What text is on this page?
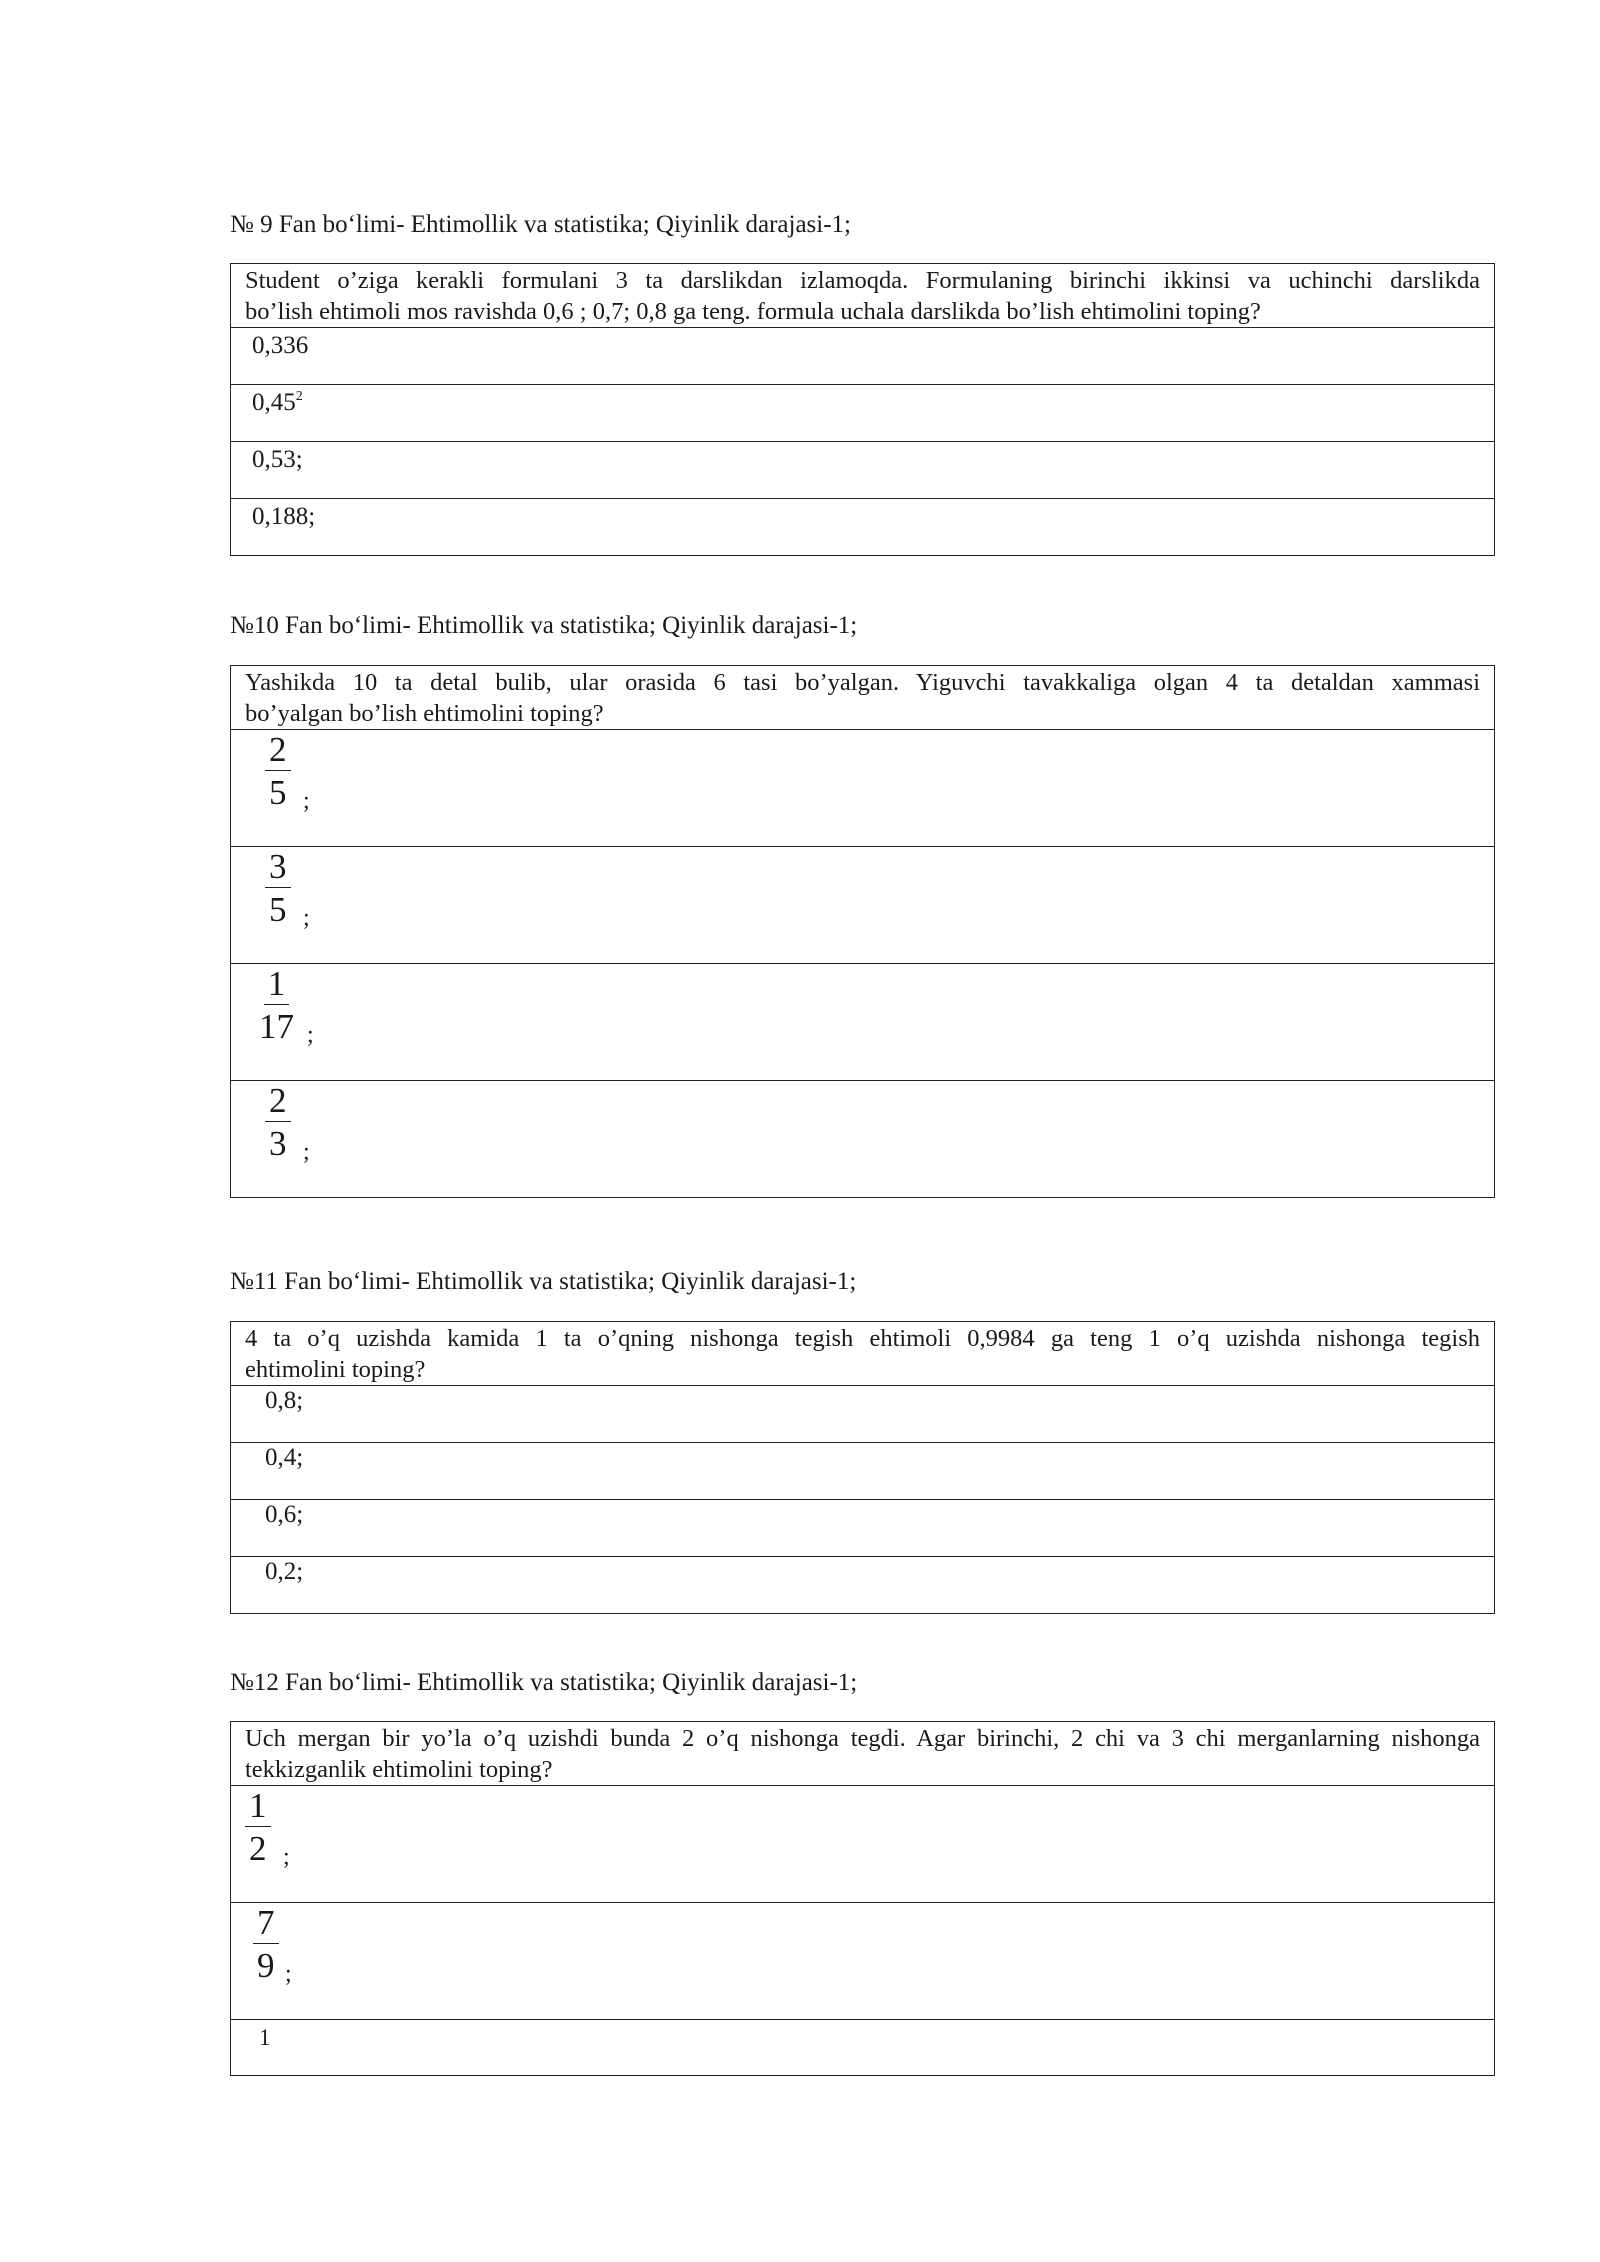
№ 9 Fan bo‘limi- Ehtimollik va statistika; Qiyinlik darajasi-1;
Student o’ziga kerakli formulani 3 ta darslikdan izlamoqda. Formulaning birinchi ikkinsi va uchinchi darslikda
bo’lish ehtimoli mos ravishda 0,6 ; 0,7; 0,8 ga teng. formula uchala darslikda bo’lish ehtimolini toping?
0,336
0,45$^2$
0,53;
0,188;
№10 Fan bo‘limi- Ehtimollik va statistika; Qiyinlik darajasi-1;
Yashikda 10 ta detal bulib, ular orasida 6 tasi bo’yalgan. Yiguvchi tavakkaliga olgan 4 ta detaldan xammasi
bo’yalgan bo’lish ehtimolini toping?
$\frac{2}{5}$ ;
$\frac{3}{5}$ ;
$\frac{1}{17}$ ;
$\frac{2}{3}$ ;
№11 Fan bo‘limi- Ehtimollik va statistika; Qiyinlik darajasi-1;
4 ta o’q uzishda kamida 1 ta o’qning nishonga tegish ehtimoli 0,9984 ga teng 1 o’q uzishda nishonga tegish
ehtimolini toping?
0,8;
0,4;
0,6;
0,2;
№12 Fan bo‘limi- Ehtimollik va statistika; Qiyinlik darajasi-1;
Uch mergan bir yo’la o’q uzishdi bunda 2 o’q nishonga tegdi. Agar birinchi, 2 chi va 3 chi merganlarning nishonga
tekkizganlik ehtimolini toping?
$\frac{1}{2}$ ;
$\frac{7}{9}$ ;
1
